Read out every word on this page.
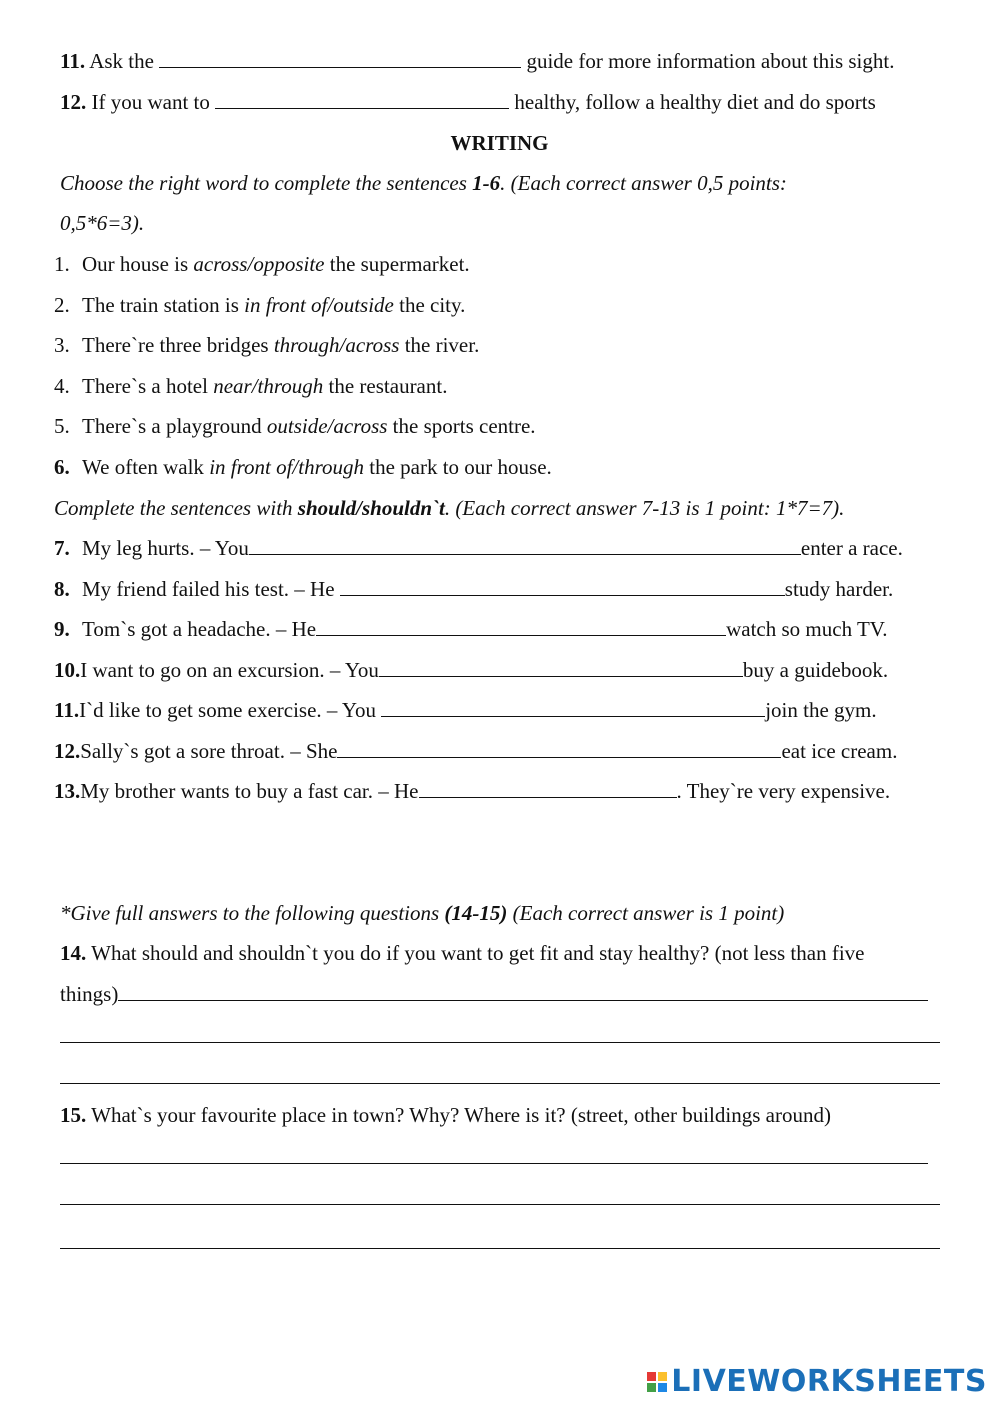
11. Ask the	guide for more information about this sight.
12. If you want to	healthy, follow a healthy diet and do sports
WRITING
Choose the right word to complete the sentences 1-6. (Each correct answer 0,5 points:
0,5*6=3).
1. Our house is across/opposite the supermarket.
2. The train station is in front of/outside the city.
3. There`re three bridges through/across the river.
4. There`s a hotel near/through the restaurant.
5. There`s a playground outside/across the sports centre.
6. We often walk in front of/through the park to our house.
Complete the sentences with should/shouldn`t. (Each correct answer 7-13 is 1 point: 1*7=7).
7. My leg hurts. – You	enter a race.
8. My friend failed his test. – He	study harder.
9. Tom`s got a headache. – He	watch so much TV.
10.I want to go on an excursion. – You	buy a guidebook.
11.I`d like to get some exercise. – You	join the gym.
12.Sally`s got a sore throat. – She	eat ice cream.
13.My brother wants to buy a fast car. – He	. They`re very expensive.
*Give full answers to the following questions (14-15) (Each correct answer is 1 point)
14. What should and shouldn`t you do if you want to get fit and stay healthy? (not less than five
things)
15. What`s your favourite place in town? Why? Where is it? (street, other buildings around)
LIVEWORKSHEETS
